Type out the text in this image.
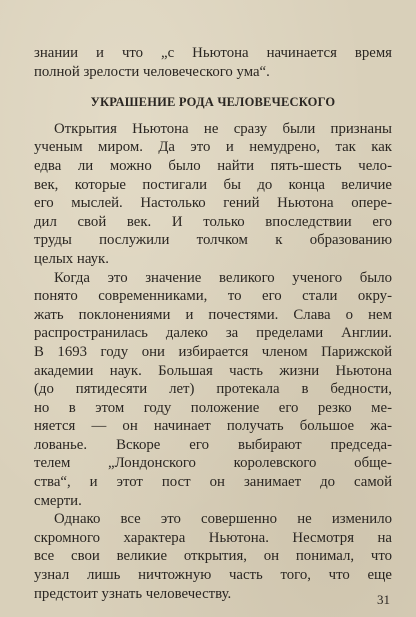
знании и что „с Ньютона начинается время
полной зрелости человеческого ума“.
УКРАШЕНИЕ РОДА ЧЕЛОВЕЧЕСКОГО
Открытия Ньютона не сразу были признаны
ученым миром. Да это и немудрено, так как
едва ли можно было найти пять-шесть чело-
век, которые постигали бы до конца величие
его мыслей. Настолько гений Ньютона опере-
дил свой век. И только впоследствии его
труды послужили толчком к образованию
целых наук.
Когда это значение великого ученого было
понято современниками, то его стали окру-
жать поклонениями и почестями. Слава о нем
распространилась далеко за пределами Англии.
В 1693 году они избирается членом Парижской
академии наук. Большая часть жизни Ньютона
(до пятидесяти лет) протекала в бедности,
но в этом году положение его резко ме-
няется — он начинает получать большое жа-
лованье. Вскоре его выбирают председа-
телем „Лондонского королевского обще-
ства“, и этот пост он занимает до самой
смерти.
Однако все это совершенно не изменило
скромного характера Ньютона. Несмотря на
все свои великие открытия, он понимал, что
узнал лишь ничтожную часть того, что еще
предстоит узнать человечеству.	31
